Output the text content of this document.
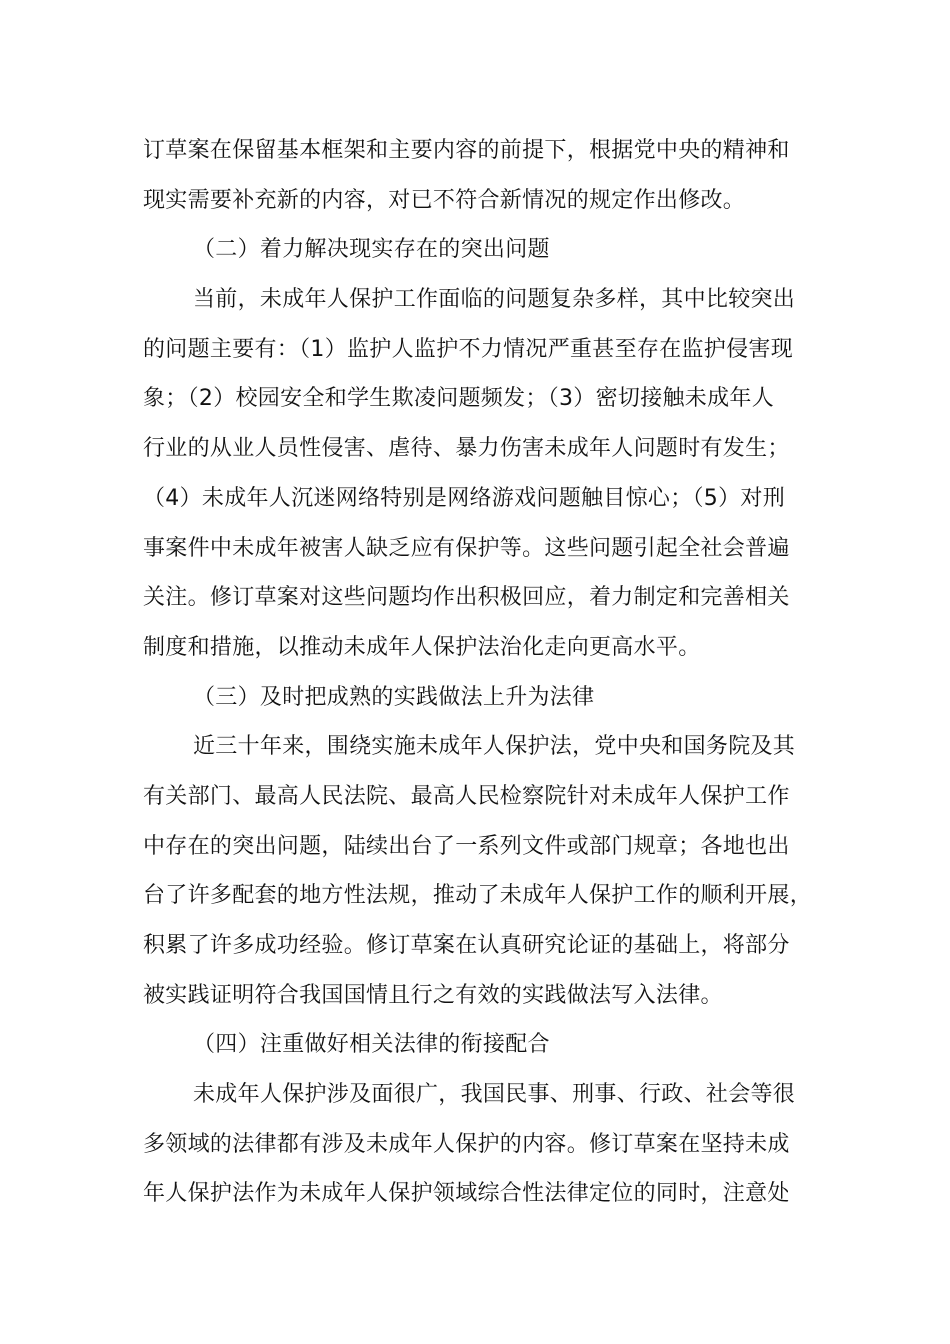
订草案在保留基本框架和主要内容的前提下，根据党中央的精神和
现实需要补充新的内容，对已不符合新情况的规定作出修改。
（二）着力解决现实存在的突出问题
当前，未成年人保护工作面临的问题复杂多样，其中比较突出
的问题主要有：（1）监护人监护不力情况严重甚至存在监护侵害现
象；（2）校园安全和学生欺凌问题频发；（3）密切接触未成年人
行业的从业人员性侵害、虐待、暴力伤害未成年人问题时有发生；
（4）未成年人沉迷网络特别是网络游戏问题触目惊心；（5）对刑
事案件中未成年被害人缺乏应有保护等。这些问题引起全社会普遍
关注。修订草案对这些问题均作出积极回应，着力制定和完善相关
制度和措施，以推动未成年人保护法治化走向更高水平。
（三）及时把成熟的实践做法上升为法律
近三十年来，围绕实施未成年人保护法，党中央和国务院及其
有关部门、最高人民法院、最高人民检察院针对未成年人保护工作
中存在的突出问题，陆续出台了一系列文件或部门规章；各地也出
台了许多配套的地方性法规，推动了未成年人保护工作的顺利开展，
积累了许多成功经验。修订草案在认真研究论证的基础上，将部分
被实践证明符合我国国情且行之有效的实践做法写入法律。
（四）注重做好相关法律的衔接配合
未成年人保护涉及面很广，我国民事、刑事、行政、社会等很
多领域的法律都有涉及未成年人保护的内容。修订草案在坚持未成
年人保护法作为未成年人保护领域综合性法律定位的同时，注意处
